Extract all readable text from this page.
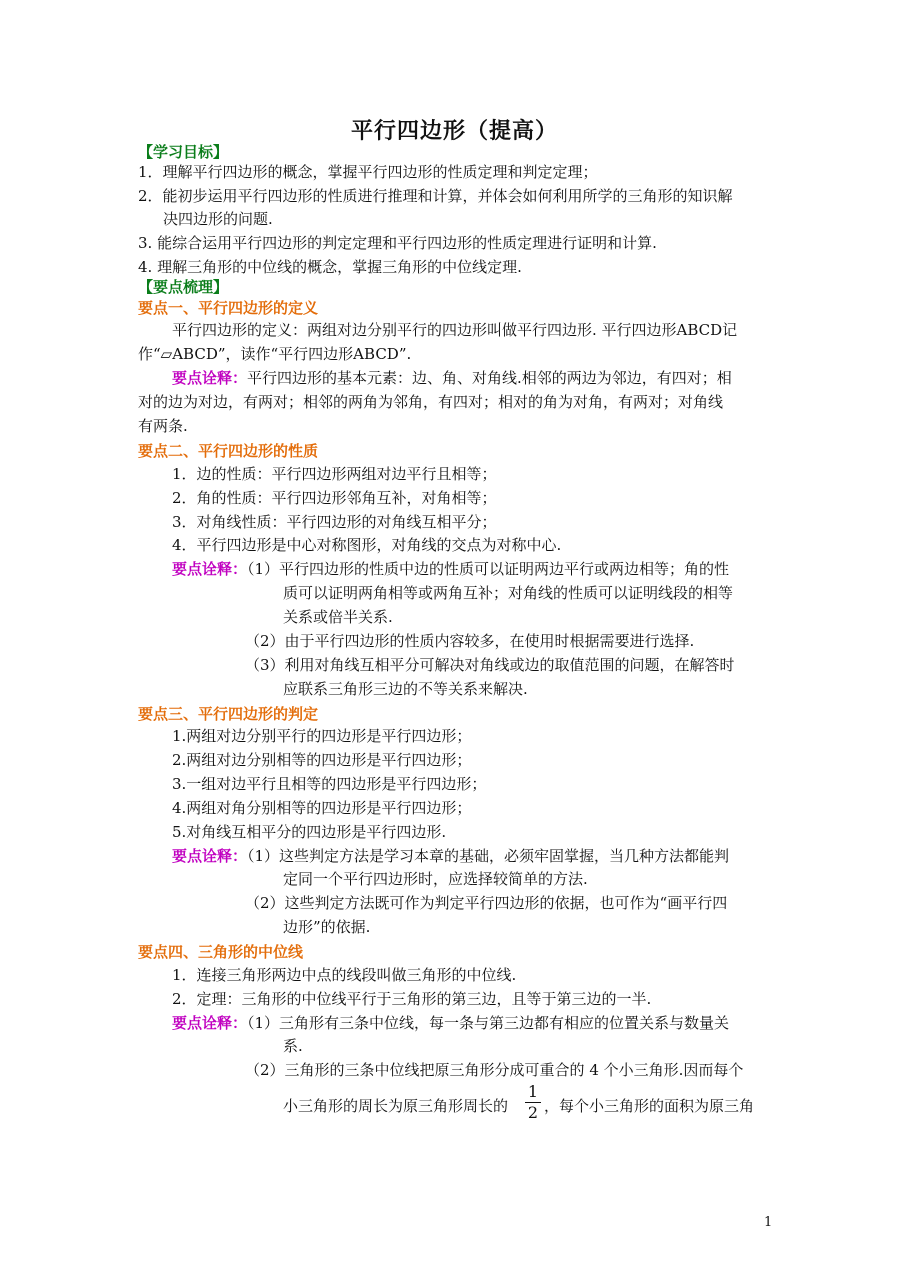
平行四边形（提高）
【学习目标】
1．理解平行四边形的概念，掌握平行四边形的性质定理和判定定理；
2．能初步运用平行四边形的性质进行推理和计算，并体会如何利用所学的三角形的知识解
决四边形的问题.
3. 能综合运用平行四边形的判定定理和平行四边形的性质定理进行证明和计算.
4. 理解三角形的中位线的概念，掌握三角形的中位线定理.
【要点梳理】
要点一、平行四边形的定义
平行四边形的定义：两组对边分别平行的四边形叫做平行四边形. 平行四边形ABCD记
作“▱ABCD”，读作“平行四边形ABCD”.
要点诠释：平行四边形的基本元素：边、角、对角线.相邻的两边为邻边，有四对；相
对的边为对边，有两对；相邻的两角为邻角，有四对；相对的角为对角，有两对；对角线
有两条.
要点二、平行四边形的性质
1．边的性质：平行四边形两组对边平行且相等；
2．角的性质：平行四边形邻角互补，对角相等；
3．对角线性质：平行四边形的对角线互相平分；
4．平行四边形是中心对称图形，对角线的交点为对称中心.
要点诠释：（1）平行四边形的性质中边的性质可以证明两边平行或两边相等；角的性
质可以证明两角相等或两角互补；对角线的性质可以证明线段的相等
关系或倍半关系.
（2）由于平行四边形的性质内容较多，在使用时根据需要进行选择.
（3）利用对角线互相平分可解决对角线或边的取值范围的问题，在解答时
应联系三角形三边的不等关系来解决.
要点三、平行四边形的判定
1.两组对边分别平行的四边形是平行四边形；
2.两组对边分别相等的四边形是平行四边形；
3.一组对边平行且相等的四边形是平行四边形；
4.两组对角分别相等的四边形是平行四边形；
5.对角线互相平分的四边形是平行四边形.
要点诠释：（1）这些判定方法是学习本章的基础，必须牢固掌握，当几种方法都能判
定同一个平行四边形时，应选择较简单的方法.
（2）这些判定方法既可作为判定平行四边形的依据，也可作为“画平行四
边形”的依据.
要点四、三角形的中位线
1．连接三角形两边中点的线段叫做三角形的中位线.
2．定理：三角形的中位线平行于三角形的第三边，且等于第三边的一半.
要点诠释：（1）三角形有三条中位线，每一条与第三边都有相应的位置关系与数量关
系.
（2）三角形的三条中位线把原三角形分成可重合的 4 个小三角形.因而每个
小三角形的周长为原三角形周长的
1
2 ，每个小三角形的面积为原三角
1
